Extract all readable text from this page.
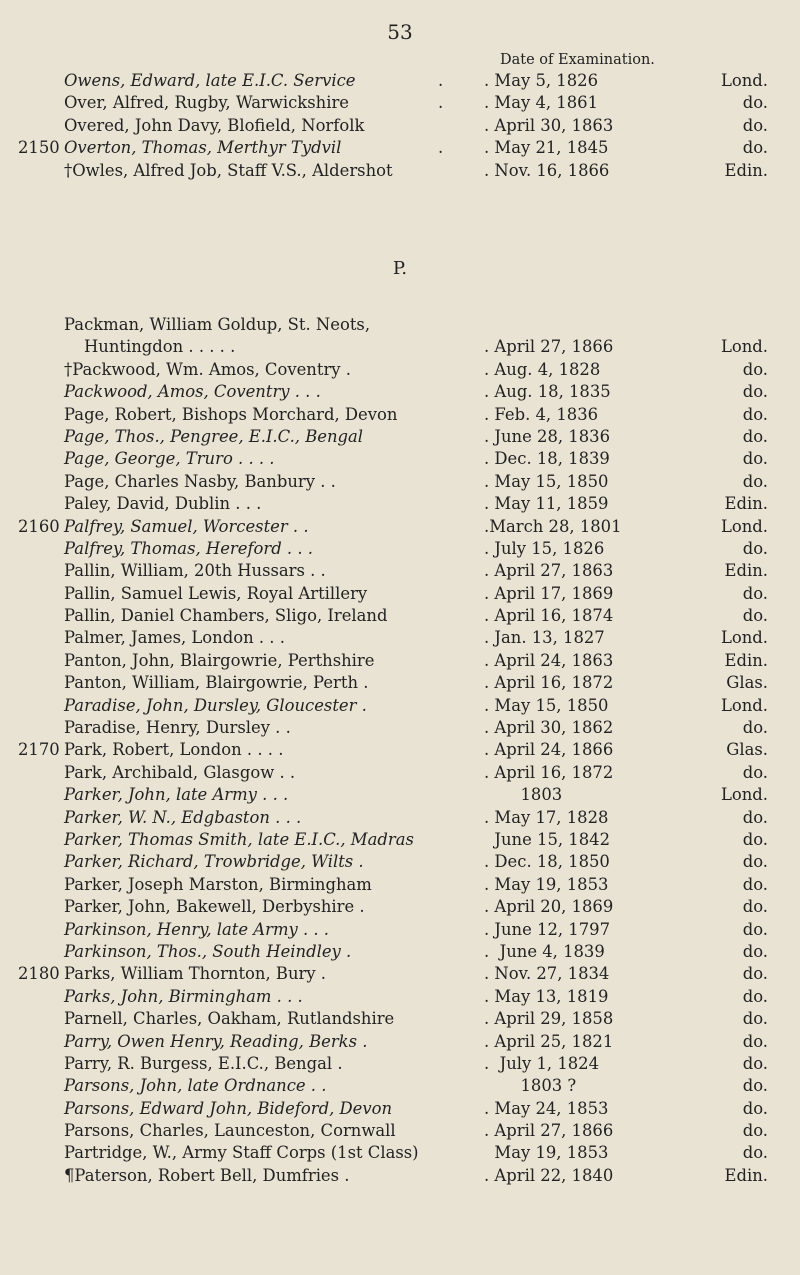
53
Date of Examination.
Owens, Edward, late E.I.C. Service	. . May 5, 1826	Lond.
Over, Alfred, Rugby, Warwickshire	. . May 4, 1861	do.
Overed, John Davy, Blofield, Norfolk	. April 30, 1863	do.
2150 Overton, Thomas, Merthyr Tydvil	. . May 21, 1845	do.
†Owles, Alfred Job, Staff V.S., Aldershot	. Nov. 16, 1866	Edin.
P.
Packman, William Goldup, St. Neots,
Huntingdon . . . . .	. April 27, 1866	Lond.
†Packwood, Wm. Amos, Coventry .	. Aug. 4, 1828	do.
Packwood, Amos, Coventry . . .	. Aug. 18, 1835	do.
Page, Robert, Bishops Morchard, Devon	. Feb. 4, 1836	do.
Page, Thos., Pengree, E.I.C., Bengal	. June 28, 1836	do.
Page, George, Truro . . . .	. Dec. 18, 1839	do.
Page, Charles Nasby, Banbury . .	. May 15, 1850	do.
Paley, David, Dublin . . .	. May 11, 1859	Edin.
2160 Palfrey, Samuel, Worcester . .	.March 28, 1801	Lond.
Palfrey, Thomas, Hereford . . .	. July 15, 1826	do.
Pallin, William, 20th Hussars . .	. April 27, 1863	Edin.
Pallin, Samuel Lewis, Royal Artillery	. April 17, 1869	do.
Pallin, Daniel Chambers, Sligo, Ireland	. April 16, 1874	do.
Palmer, James, London . . .	. Jan. 13, 1827	Lond.
Panton, John, Blairgowrie, Perthshire	. April 24, 1863	Edin.
Panton, William, Blairgowrie, Perth .	. April 16, 1872	Glas.
Paradise, John, Dursley, Gloucester .	. May 15, 1850	Lond.
Paradise, Henry, Dursley . .	. April 30, 1862	do.
2170 Park, Robert, London . . . .	. April 24, 1866	Glas.
Park, Archibald, Glasgow . .	. April 16, 1872	do.
Parker, John, late Army . . .	1803	Lond.
Parker, W. N., Edgbaston . . .	. May 17, 1828	do.
Parker, Thomas Smith, late E.I.C., Madras	June 15, 1842	do.
Parker, Richard, Trowbridge, Wilts .	. Dec. 18, 1850	do.
Parker, Joseph Marston, Birmingham	. May 19, 1853	do.
Parker, John, Bakewell, Derbyshire .	. April 20, 1869	do.
Parkinson, Henry, late Army . . .	. June 12, 1797	do.
Parkinson, Thos., South Heindley .	.  June 4, 1839	do.
2180 Parks, William Thornton, Bury .	. Nov. 27, 1834	do.
Parks, John, Birmingham . . .	. May 13, 1819	do.
Parnell, Charles, Oakham, Rutlandshire	. April 29, 1858	do.
Parry, Owen Henry, Reading, Berks .	. April 25, 1821	do.
Parry, R. Burgess, E.I.C., Bengal .	.  July 1, 1824	do.
Parsons, John, late Ordnance . .	1803 ?	do.
Parsons, Edward John, Bideford, Devon	. May 24, 1853	do.
Parsons, Charles, Launceston, Cornwall	. April 27, 1866	do.
Partridge, W., Army Staff Corps (1st Class)	May 19, 1853	do.
¶Paterson, Robert Bell, Dumfries .	. April 22, 1840	Edin.
